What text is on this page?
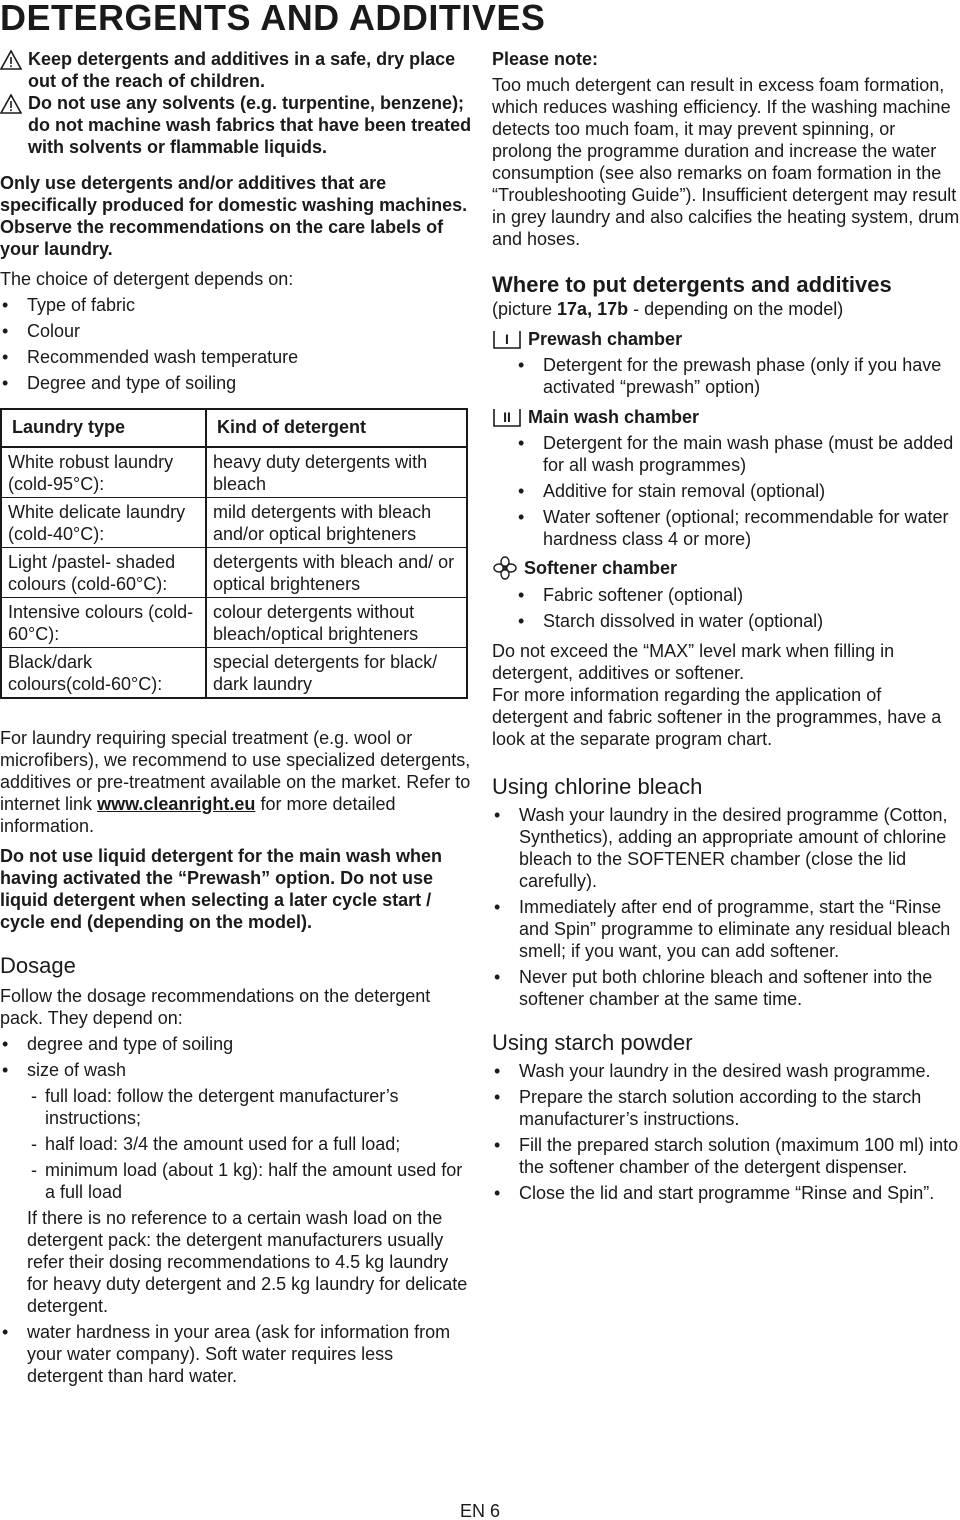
DETERGENTS AND ADDITIVES

Keep detergents and additives in a safe, dry place out of the reach of children.

Do not use any solvents (e.g. turpentine, benzene); do not machine wash fabrics that have been treated with solvents or flammable liquids.

Only use detergents and/or additives that are specifically produced for domestic washing machines. Observe the recommendations on the care labels of your laundry.

The choice of detergent depends on:

• Type of fabric
• Colour
• Recommended wash temperature
• Degree and type of soiling
Laundry type	Kind of detergent
White robust laundry (cold-95°C):	heavy duty detergents with bleach
White delicate laundry (cold-40°C):	mild detergents with bleach and/or optical brighteners
Light /pastel- shaded colours (cold-60°C):	detergents with bleach and/ or optical brighteners
Intensive colours (cold-60°C):	colour detergents without bleach/optical brighteners
Black/dark colours(cold-60°C):	special detergents for black/ dark laundry

For laundry requiring special treatment (e.g. wool or microfibers), we recommend to use specialized detergents, additives or pre-treatment available on the market. Refer to internet link www.cleanright.eu for more detailed information.

Do not use liquid detergent for the main wash when having activated the “Prewash” option. Do not use liquid detergent when selecting a later cycle start / cycle end (depending on the model).

Dosage

Follow the dosage recommendations on the detergent pack. They depend on:

• degree and type of soiling
• size of wash
- full load: follow the detergent manufacturer’s instructions;
- half load: 3/4 the amount used for a full load;
- minimum load (about 1 kg): half the amount used for a full load

If there is no reference to a certain wash load on the detergent pack: the detergent manufacturers usually refer their dosing recommendations to 4.5 kg laundry for heavy duty detergent and 2.5 kg laundry for delicate detergent.

• water hardness in your area (ask for information from your water company). Soft water requires less detergent than hard water.

Please note:

Too much detergent can result in excess foam formation, which reduces washing efficiency. If the washing machine detects too much foam, it may prevent spinning, or prolong the programme duration and increase the water consumption (see also remarks on foam formation in the “Troubleshooting Guide”). Insufficient detergent may result in grey laundry and also calcifies the heating system, drum and hoses.

Where to put detergents and additives

(picture 17a, 17b - depending on the model)

I Prewash chamber
• Detergent for the prewash phase (only if you have activated “prewash” option)
II Main wash chamber
• Detergent for the main wash phase (must be added for all wash programmes)
• Additive for stain removal (optional)
• Water softener (optional; recommendable for water hardness class 4 or more)
Softener chamber
• Fabric softener (optional)
• Starch dissolved in water (optional)

Do not exceed the “MAX” level mark when filling in detergent, additives or softener.

For more information regarding the application of detergent and fabric softener in the programmes, have a look at the separate program chart.

Using chlorine bleach
• Wash your laundry in the desired programme (Cotton, Synthetics), adding an appropriate amount of chlorine bleach to the SOFTENER chamber (close the lid carefully).
• Immediately after end of programme, start the “Rinse and Spin” programme to eliminate any residual bleach smell; if you want, you can add softener.
• Never put both chlorine bleach and softener into the softener chamber at the same time.
Using starch powder
• Wash your laundry in the desired wash programme.
• Prepare the starch solution according to the starch manufacturer’s instructions.
• Fill the prepared starch solution (maximum 100 ml) into the softener chamber of the detergent dispenser.
• Close the lid and start programme “Rinse and Spin”.
EN 6
